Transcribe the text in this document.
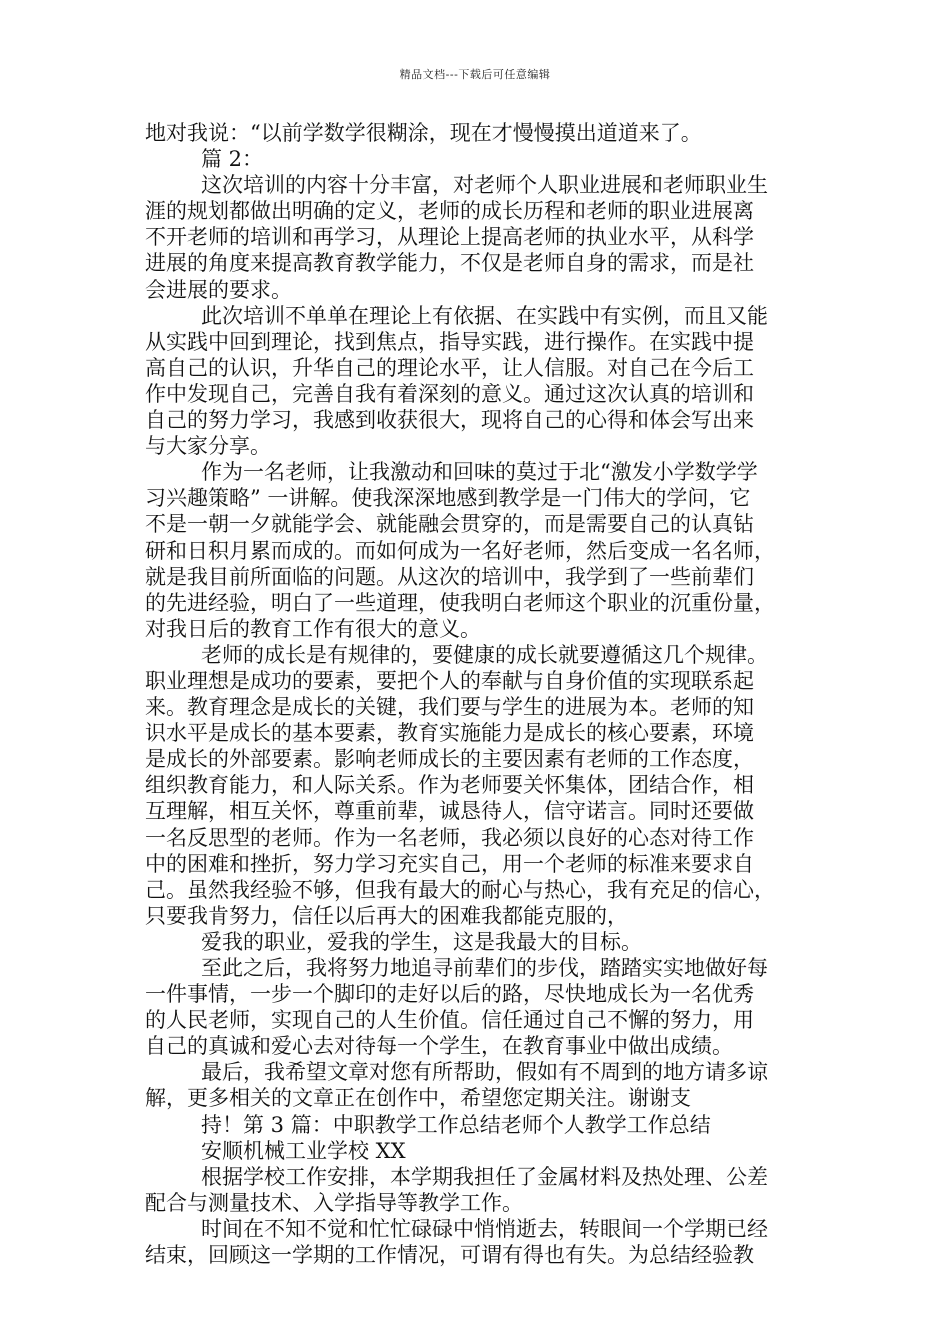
精品文档---下载后可任意编辑
地对我说：“以前学数学很糊涂，现在才慢慢摸出道道来了。
篇 2：
这次培训的内容十分丰富，对老师个人职业进展和老师职业生
涯的规划都做出明确的定义，老师的成长历程和老师的职业进展离
不开老师的培训和再学习，从理论上提高老师的执业水平，从科学
进展的角度来提高教育教学能力，不仅是老师自身的需求，而是社
会进展的要求。
此次培训不单单在理论上有依据、在实践中有实例，而且又能
从实践中回到理论，找到焦点，指导实践，进行操作。在实践中提
高自己的认识，升华自己的理论水平，让人信服。对自己在今后工
作中发现自己，完善自我有着深刻的意义。通过这次认真的培训和
自己的努力学习，我感到收获很大，现将自己的心得和体会写出来
与大家分享。
作为一名老师，让我激动和回味的莫过于北“激发小学数学学
习兴趣策略” 一讲解。使我深深地感到教学是一门伟大的学问，它
不是一朝一夕就能学会、就能融会贯穿的，而是需要自己的认真钻
研和日积月累而成的。而如何成为一名好老师，然后变成一名名师，
就是我目前所面临的问题。从这次的培训中，我学到了一些前辈们
的先进经验，明白了一些道理，使我明白老师这个职业的沉重份量，
对我日后的教育工作有很大的意义。
老师的成长是有规律的，要健康的成长就要遵循这几个规律。
职业理想是成功的要素，要把个人的奉献与自身价值的实现联系起
来。教育理念是成长的关键，我们要与学生的进展为本。老师的知
识水平是成长的基本要素，教育实施能力是成长的核心要素，环境
是成长的外部要素。影响老师成长的主要因素有老师的工作态度，
组织教育能力，和人际关系。作为老师要关怀集体，团结合作，相
互理解，相互关怀，尊重前辈，诚恳待人，信守诺言。同时还要做
一名反思型的老师。作为一名老师，我必须以良好的心态对待工作
中的困难和挫折，努力学习充实自己，用一个老师的标准来要求自
己。虽然我经验不够，但我有最大的耐心与热心，我有充足的信心，
只要我肯努力，信任以后再大的困难我都能克服的，
爱我的职业，爱我的学生，这是我最大的目标。
至此之后，我将努力地追寻前辈们的步伐，踏踏实实地做好每
一件事情，一步一个脚印的走好以后的路，尽快地成长为一名优秀
的人民老师，实现自己的人生价值。信任通过自己不懈的努力，用
自己的真诚和爱心去对待每一个学生，在教育事业中做出成绩。
最后，我希望文章对您有所帮助，假如有不周到的地方请多谅
解，更多相关的文章正在创作中，希望您定期关注。谢谢支
持！第 3 篇：中职教学工作总结老师个人教学工作总结
安顺机械工业学校 XX
根据学校工作安排，本学期我担任了金属材料及热处理、公差
配合与测量技术、入学指导等教学工作。
时间在不知不觉和忙忙碌碌中悄悄逝去，转眼间一个学期已经
结束，回顾这一学期的工作情况，可谓有得也有失。为总结经验教
